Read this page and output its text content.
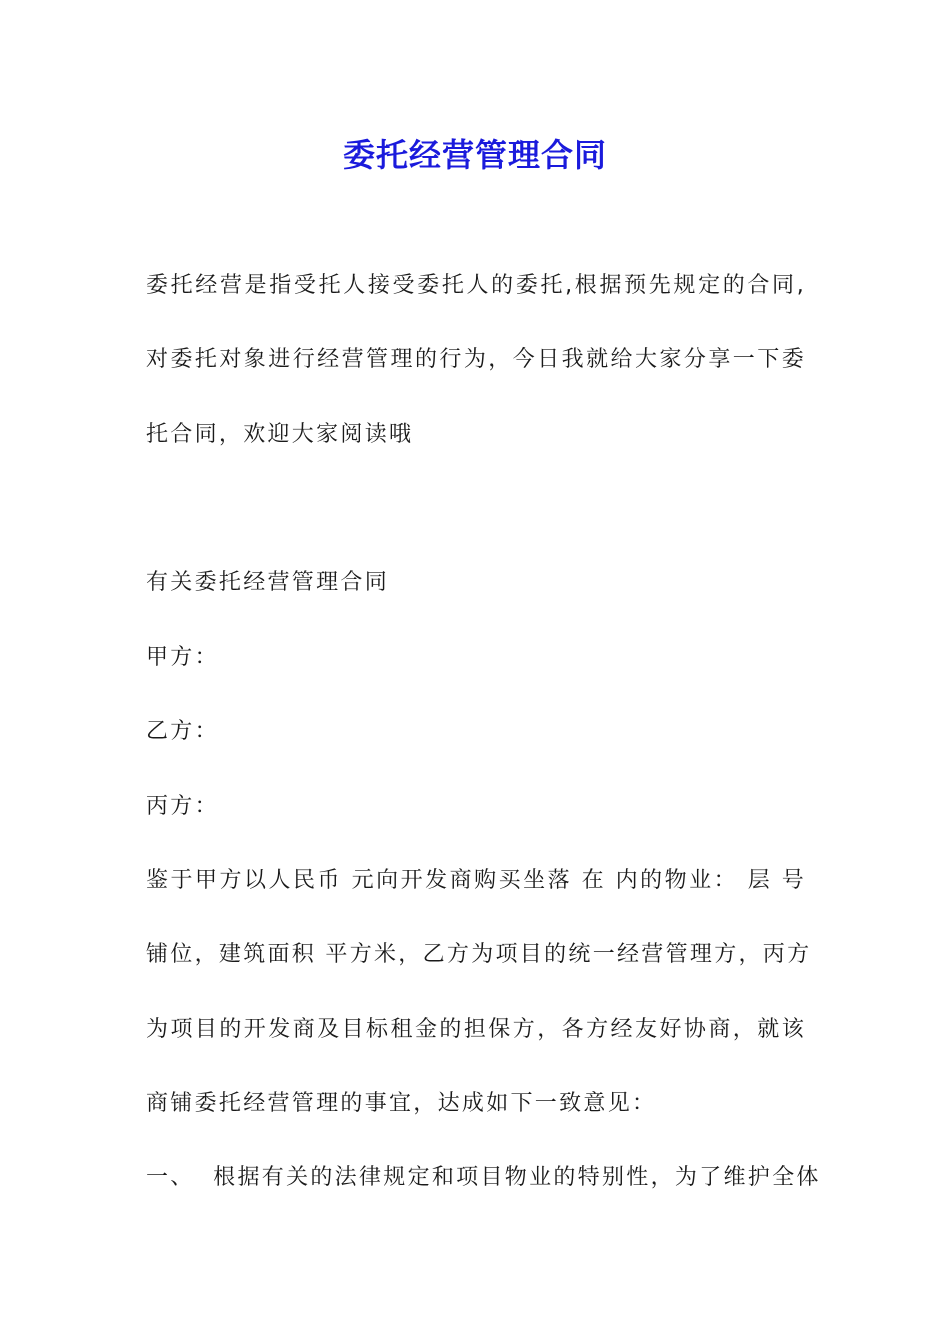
委托经营管理合同
委托经营是指受托人接受委托人的委托,根据预先规定的合同,
对委托对象进行经营管理的行为，今日我就给大家分享一下委
托合同，欢迎大家阅读哦
有关委托经营管理合同
甲方：
乙方：
丙方：
鉴于甲方以人民币 元向开发商购买坐落 在 内的物业： 层 号
铺位，建筑面积 平方米，乙方为项目的统一经营管理方，丙方
为项目的开发商及目标租金的担保方，各方经友好协商，就该
商铺委托经营管理的事宜，达成如下一致意见：
一、  根据有关的法律规定和项目物业的特别性，为了维护全体
